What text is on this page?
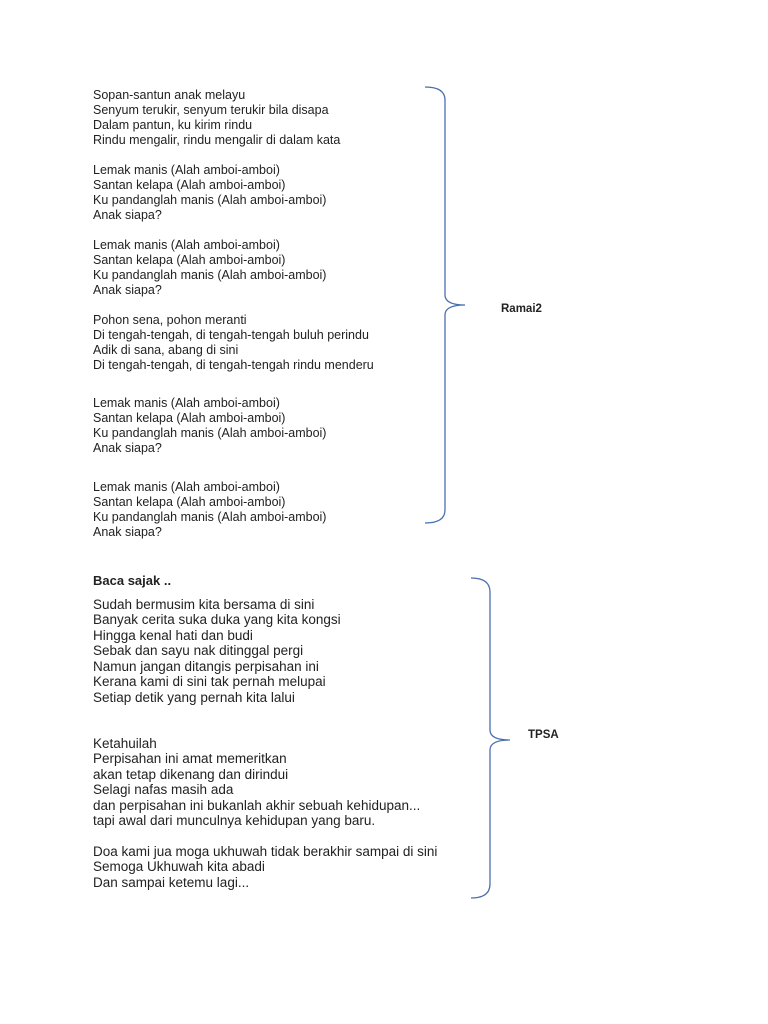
Sopan-santun anak melayu
Senyum terukir, senyum terukir bila disapa
Dalam pantun, ku kirim rindu
Rindu mengalir, rindu mengalir di dalam kata
Lemak manis (Alah amboi-amboi)
Santan kelapa (Alah amboi-amboi)
Ku pandanglah manis (Alah amboi-amboi)
Anak siapa?
Lemak manis (Alah amboi-amboi)
Santan kelapa (Alah amboi-amboi)
Ku pandanglah manis (Alah amboi-amboi)
Anak siapa?
Pohon sena, pohon meranti
Di tengah-tengah, di tengah-tengah buluh perindu
Adik di sana, abang di sini
Di tengah-tengah, di tengah-tengah rindu menderu
Lemak manis (Alah amboi-amboi)
Santan kelapa (Alah amboi-amboi)
Ku pandanglah manis (Alah amboi-amboi)
Anak siapa?
Lemak manis (Alah amboi-amboi)
Santan kelapa (Alah amboi-amboi)
Ku pandanglah manis (Alah amboi-amboi)
Anak siapa?
Ramai2
Baca sajak ..
Sudah bermusim kita bersama di sini
Banyak cerita suka duka yang kita kongsi
Hingga kenal hati dan budi
Sebak dan sayu nak ditinggal pergi
Namun jangan ditangis perpisahan ini
Kerana kami di sini tak pernah melupai
Setiap detik yang pernah kita lalui
Ketahuilah
Perpisahan ini amat memeritkan
akan tetap dikenang dan dirindui
Selagi nafas masih ada
dan perpisahan ini bukanlah akhir sebuah kehidupan...
tapi awal dari munculnya kehidupan yang baru.
Doa kami jua moga ukhuwah tidak berakhir sampai di sini
Semoga Ukhuwah kita abadi
Dan sampai ketemu lagi...
TPSA
